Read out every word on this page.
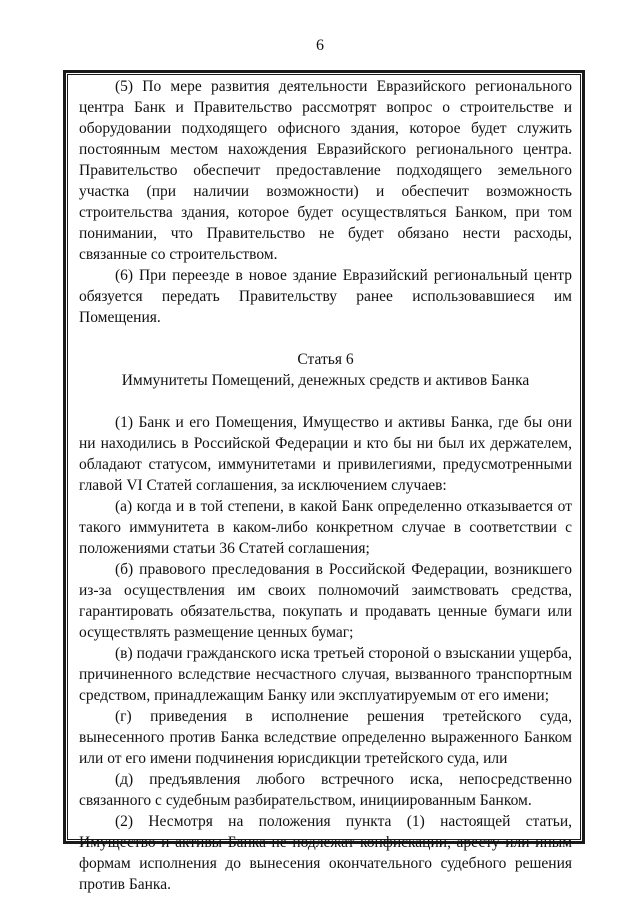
6

(5) По мере развития деятельности Евразийского регионального центра Банк и Правительство рассмотрят вопрос о строительстве и оборудовании подходящего офисного здания, которое будет служить постоянным местом нахождения Евразийского регионального центра. Правительство обеспечит предоставление подходящего земельного участка (при наличии возможности) и обеспечит возможность строительства здания, которое будет осуществляться Банком, при том понимании, что Правительство не будет обязано нести расходы, связанные со строительством.

(6) При переезде в новое здание Евразийский региональный центр обязуется передать Правительству ранее использовавшиеся им Помещения.

Статья 6

Иммунитеты Помещений, денежных средств и активов Банка

(1) Банк и его Помещения, Имущество и активы Банка, где бы они ни находились в Российской Федерации и кто бы ни был их держателем, обладают статусом, иммунитетами и привилегиями, предусмотренными главой VI Статей соглашения, за исключением случаев:

(а) когда и в той степени, в какой Банк определенно отказывается от такого иммунитета в каком-либо конкретном случае в соответствии с положениями статьи 36 Статей соглашения;

(б) правового преследования в Российской Федерации, возникшего из-за осуществления им своих полномочий заимствовать средства, гарантировать обязательства, покупать и продавать ценные бумаги или осуществлять размещение ценных бумаг;

(в) подачи гражданского иска третьей стороной о взыскании ущерба, причиненного вследствие несчастного случая, вызванного транспортным средством, принадлежащим Банку или эксплуатируемым от его имени;

(г) приведения в исполнение решения третейского суда, вынесенного против Банка вследствие определенно выраженного Банком или от его имени подчинения юрисдикции третейского суда, или

(д) предъявления любого встречного иска, непосредственно связанного с судебным разбирательством, инициированным Банком.

(2) Несмотря на положения пункта (1) настоящей статьи, Имущество и активы Банка не подлежат конфискации, аресту или иным формам исполнения до вынесения окончательного судебного решения против Банка.
